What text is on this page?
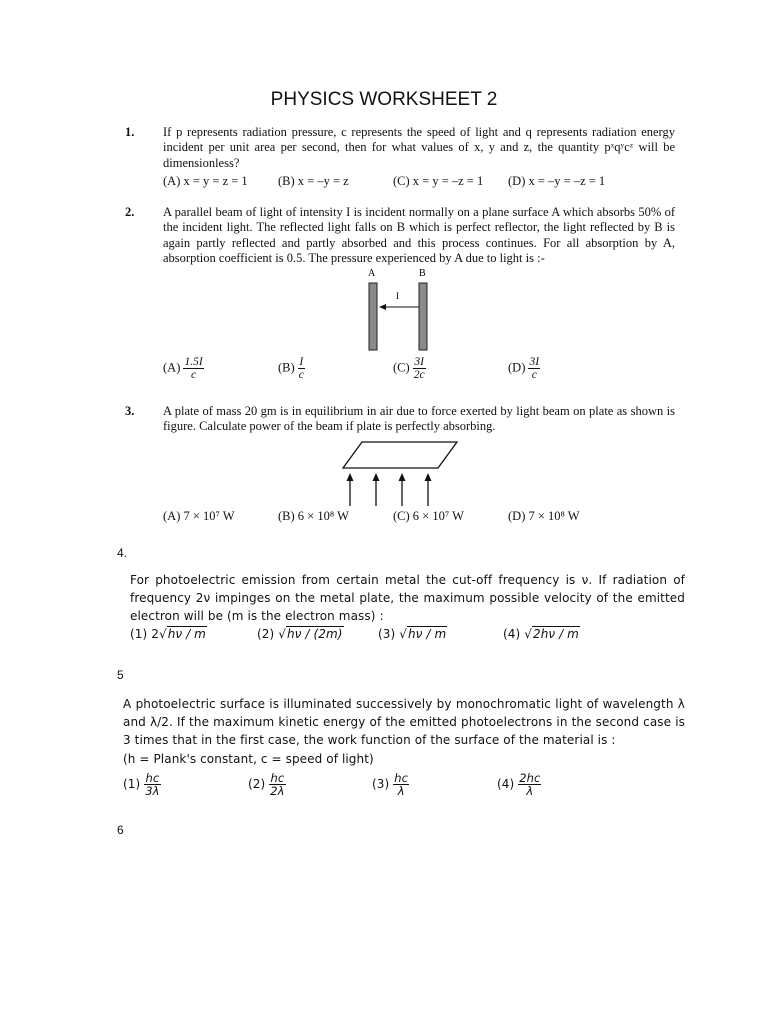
PHYSICS WORKSHEET 2
1. If p represents radiation pressure, c represents the speed of light and q represents radiation energy incident per unit area per second, then for what values of x, y and z, the quantity pˣqʸcᶻ will be dimensionless?
(A) x = y = z = 1 (B) x = –y = z	(C) x = y = –z = 1 (D) x = –y = –z = 1
2. A parallel beam of light of intensity I is incident normally on a plane surface A which absorbs 50% of the incident light. The reflected light falls on B which is perfect reflector, the light reflected by B is again partly reflected and partly absorbed and this process continues. For all absorption by A, absorption coefficient is 0.5. The pressure experienced by A due to light is :-
A	B
I
$(A) \frac{1.5I}{c}$	$(B) \frac{I}{c}$	$(C) \frac{3I}{2c}$	$(D) \frac{3I}{c}$
3. A plate of mass 20 gm is in equilibrium in air due to force exerted by light beam on plate as shown is figure. Calculate power of the beam if plate is perfectly absorbing.
(A) 7 × 10⁷ W	(B) 6 × 10⁸ W	(C) 6 × 10⁷ W	(D) 7 × 10⁸ W
4.
For photoelectric emission from certain metal the cut-off frequency is ν. If radiation of frequency 2ν impinges on the metal plate, the maximum possible velocity of the emitted electron will be (m is the electron mass) :
(1) 2√hν / m	(2) √hν / (2m)	(3) √hν / m	(4) √2hν / m
5
A photoelectric surface is illuminated successively by monochromatic light of wavelength λ and λ/2. If the maximum kinetic energy of the emitted photoelectrons in the second case is 3 times that in the first case, the work function of the surface of the material is :
(h = Plank's constant, c = speed of light)
$(1) \frac{hc}{3\lambda}$	$(2) \frac{hc}{2\lambda}$	$(3) \frac{hc}{\lambda}$	$(4) \frac{2hc}{\lambda}$
6
